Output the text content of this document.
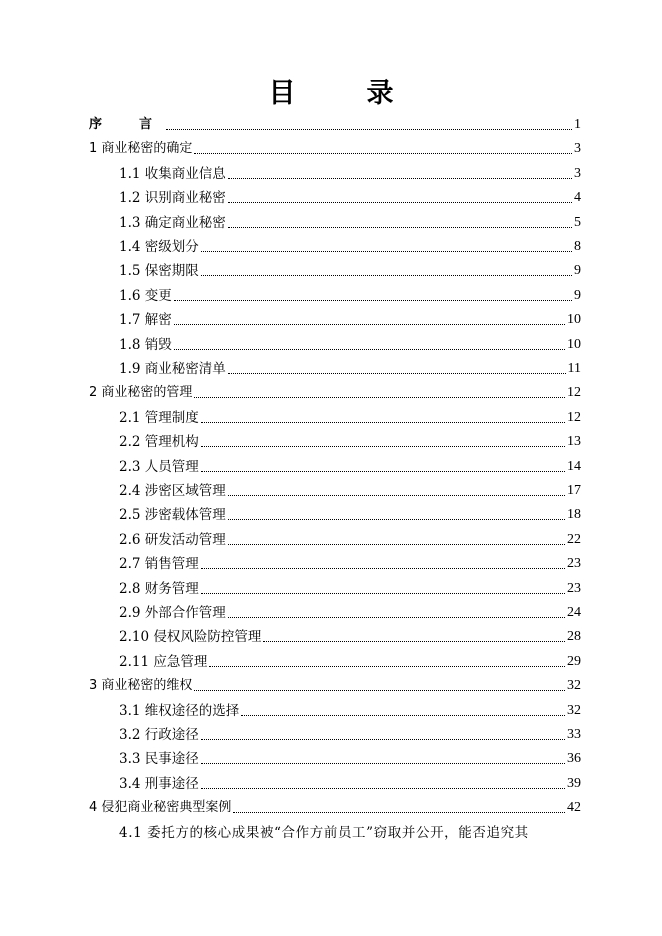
目　录
序　言	1
1 商业秘密的确定	3
1.1 收集商业信息	3
1.2 识别商业秘密	4
1.3 确定商业秘密	5
1.4 密级划分	8
1.5 保密期限	9
1.6 变更	9
1.7 解密	10
1.8 销毁	10
1.9 商业秘密清单	11
2 商业秘密的管理	12
2.1 管理制度	12
2.2 管理机构	13
2.3 人员管理	14
2.4 涉密区域管理	17
2.5 涉密载体管理	18
2.6 研发活动管理	22
2.7 销售管理	23
2.8 财务管理	23
2.9 外部合作管理	24
2.10 侵权风险防控管理	28
2.11 应急管理	29
3 商业秘密的维权	32
3.1 维权途径的选择	32
3.2 行政途径	33
3.3 民事途径	36
3.4 刑事途径	39
4 侵犯商业秘密典型案例	42
4.1 委托方的核心成果被“合作方前员工”窃取并公开，能否追究其
